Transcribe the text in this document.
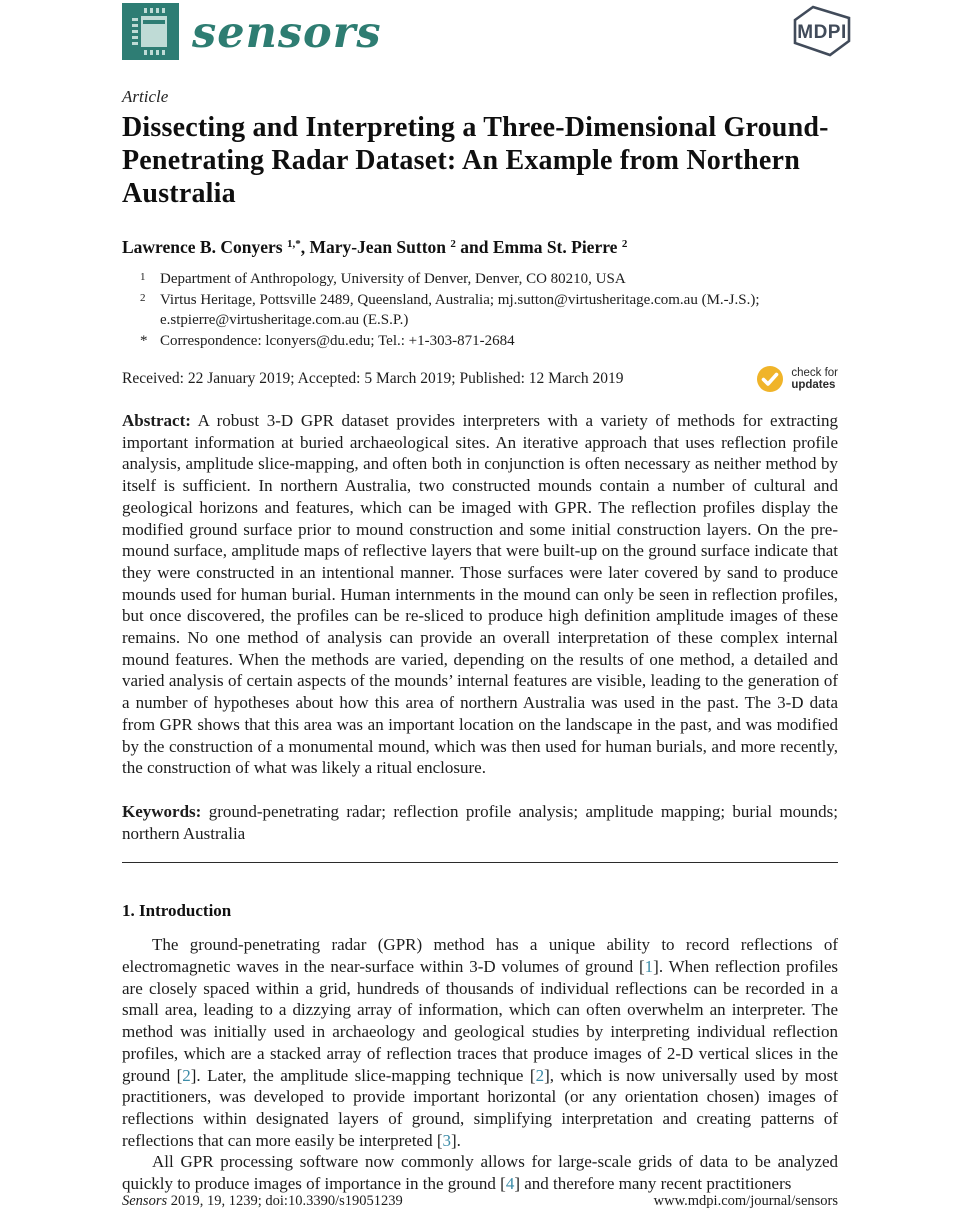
sensors	MDPI
Article
Dissecting and Interpreting a Three-Dimensional Ground-Penetrating Radar Dataset: An Example from Northern Australia
Lawrence B. Conyers $^{1,*}$, Mary-Jean Sutton $^2$ and Emma St. Pierre $^2$
1 Department of Anthropology, University of Denver, Denver, CO 80210, USA
2 Virtus Heritage, Pottsville 2489, Queensland, Australia; mj.sutton@virtusheritage.com.au (M.-J.S.); e.stpierre@virtusheritage.com.au (E.S.P.)
* Correspondence: lconyers@du.edu; Tel.: +1-303-871-2684
Received: 22 January 2019; Accepted: 5 March 2019; Published: 12 March 2019	check for
updates

Abstract: A robust 3-D GPR dataset provides interpreters with a variety of methods for extracting important information at buried archaeological sites. An iterative approach that uses reflection profile analysis, amplitude slice-mapping, and often both in conjunction is often necessary as neither method by itself is sufficient. In northern Australia, two constructed mounds contain a number of cultural and geological horizons and features, which can be imaged with GPR. The reflection profiles display the modified ground surface prior to mound construction and some initial construction layers. On the pre-mound surface, amplitude maps of reflective layers that were built-up on the ground surface indicate that they were constructed in an intentional manner. Those surfaces were later covered by sand to produce mounds used for human burial. Human internments in the mound can only be seen in reflection profiles, but once discovered, the profiles can be re-sliced to produce high definition amplitude images of these remains. No one method of analysis can provide an overall interpretation of these complex internal mound features. When the methods are varied, depending on the results of one method, a detailed and varied analysis of certain aspects of the mounds’ internal features are visible, leading to the generation of a number of hypotheses about how this area of northern Australia was used in the past. The 3-D data from GPR shows that this area was an important location on the landscape in the past, and was modified by the construction of a monumental mound, which was then used for human burials, and more recently, the construction of what was likely a ritual enclosure.

Keywords: ground-penetrating radar; reflection profile analysis; amplitude mapping; burial mounds; northern Australia

1. Introduction

The ground-penetrating radar (GPR) method has a unique ability to record reflections of electromagnetic waves in the near-surface within 3-D volumes of ground [1]. When reflection profiles are closely spaced within a grid, hundreds of thousands of individual reflections can be recorded in a small area, leading to a dizzying array of information, which can often overwhelm an interpreter. The method was initially used in archaeology and geological studies by interpreting individual reflection profiles, which are a stacked array of reflection traces that produce images of 2-D vertical slices in the ground [2]. Later, the amplitude slice-mapping technique [2], which is now universally used by most practitioners, was developed to provide important horizontal (or any orientation chosen) images of reflections within designated layers of ground, simplifying interpretation and creating patterns of reflections that can more easily be interpreted [3].

All GPR processing software now commonly allows for large-scale grids of data to be analyzed quickly to produce images of importance in the ground [4] and therefore many recent practitioners

Sensors 2019, 19, 1239; doi:10.3390/s19051239	www.mdpi.com/journal/sensors
